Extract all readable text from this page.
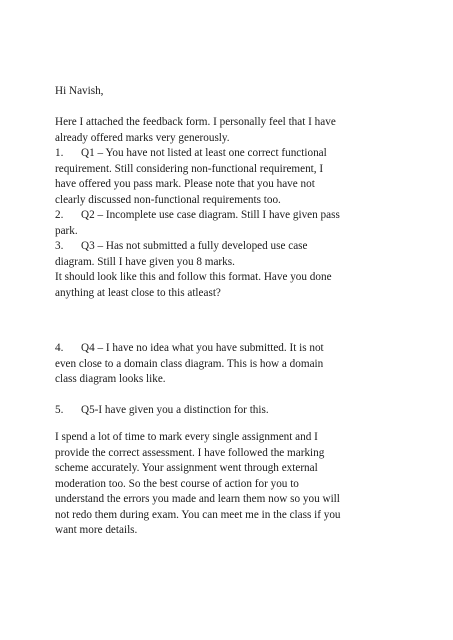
Hi Navish,
Here I attached the feedback form. I personally feel that I have
already offered marks very generously.
1. Q1 – You have not listed at least one correct functional
requirement. Still considering non-functional requirement, I
have offered you pass mark. Please note that you have not
clearly discussed non-functional requirements too.
2. Q2 – Incomplete use case diagram. Still I have given pass
park.
3. Q3 – Has not submitted a fully developed use case
diagram. Still I have given you 8 marks.
It should look like this and follow this format. Have you done
anything at least close to this atleast?
4. Q4 – I have no idea what you have submitted. It is not
even close to a domain class diagram. This is how a domain
class diagram looks like.
5. Q5-I have given you a distinction for this.
I spend a lot of time to mark every single assignment and I
provide the correct assessment. I have followed the marking
scheme accurately. Your assignment went through external
moderation too. So the best course of action for you to
understand the errors you made and learn them now so you will
not redo them during exam. You can meet me in the class if you
want more details.
